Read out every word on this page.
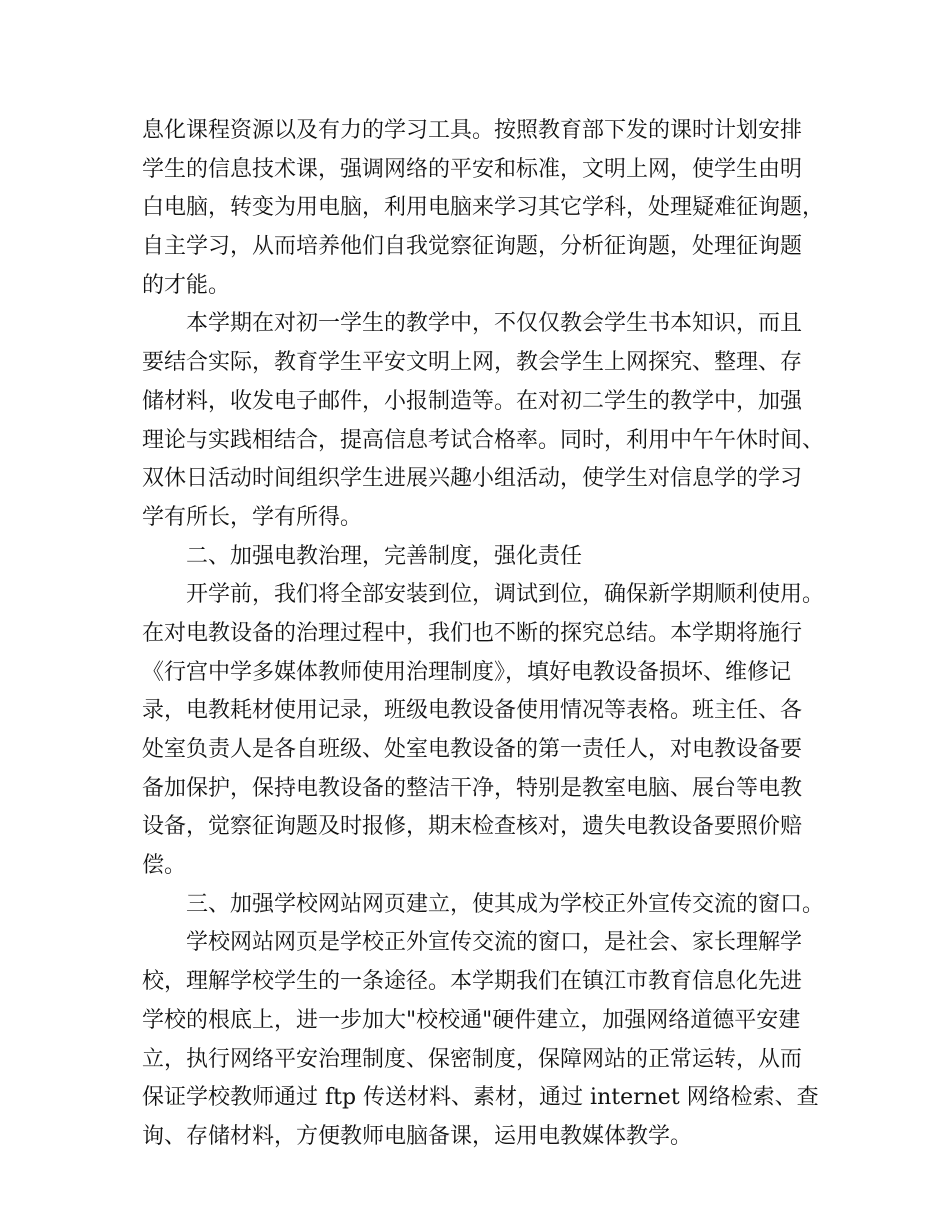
息化课程资源以及有力的学习工具。按照教育部下发的课时计划安排
学生的信息技术课，强调网络的平安和标准，文明上网，使学生由明
白电脑，转变为用电脑，利用电脑来学习其它学科，处理疑难征询题，
自主学习，从而培养他们自我觉察征询题，分析征询题，处理征询题
的才能。
本学期在对初一学生的教学中，不仅仅教会学生书本知识，而且
要结合实际，教育学生平安文明上网，教会学生上网探究、整理、存
储材料，收发电子邮件，小报制造等。在对初二学生的教学中，加强
理论与实践相结合，提高信息考试合格率。同时，利用中午午休时间、
双休日活动时间组织学生进展兴趣小组活动，使学生对信息学的学习
学有所长，学有所得。
二、加强电教治理，完善制度，强化责任
开学前，我们将全部安装到位，调试到位，确保新学期顺利使用。
在对电教设备的治理过程中，我们也不断的探究总结。本学期将施行
《行宫中学多媒体教师使用治理制度》，填好电教设备损坏、维修记
录，电教耗材使用记录，班级电教设备使用情况等表格。班主任、各
处室负责人是各自班级、处室电教设备的第一责任人，对电教设备要
备加保护，保持电教设备的整洁干净，特别是教室电脑、展台等电教
设备，觉察征询题及时报修，期末检查核对，遗失电教设备要照价赔
偿。
三、加强学校网站网页建立，使其成为学校正外宣传交流的窗口。
学校网站网页是学校正外宣传交流的窗口，是社会、家长理解学
校，理解学校学生的一条途径。本学期我们在镇江市教育信息化先进
学校的根底上，进一步加大"校校通"硬件建立，加强网络道德平安建
立，执行网络平安治理制度、保密制度，保障网站的正常运转，从而
保证学校教师通过 ftp 传送材料、素材，通过 internet 网络检索、查
询、存储材料，方便教师电脑备课，运用电教媒体教学。
